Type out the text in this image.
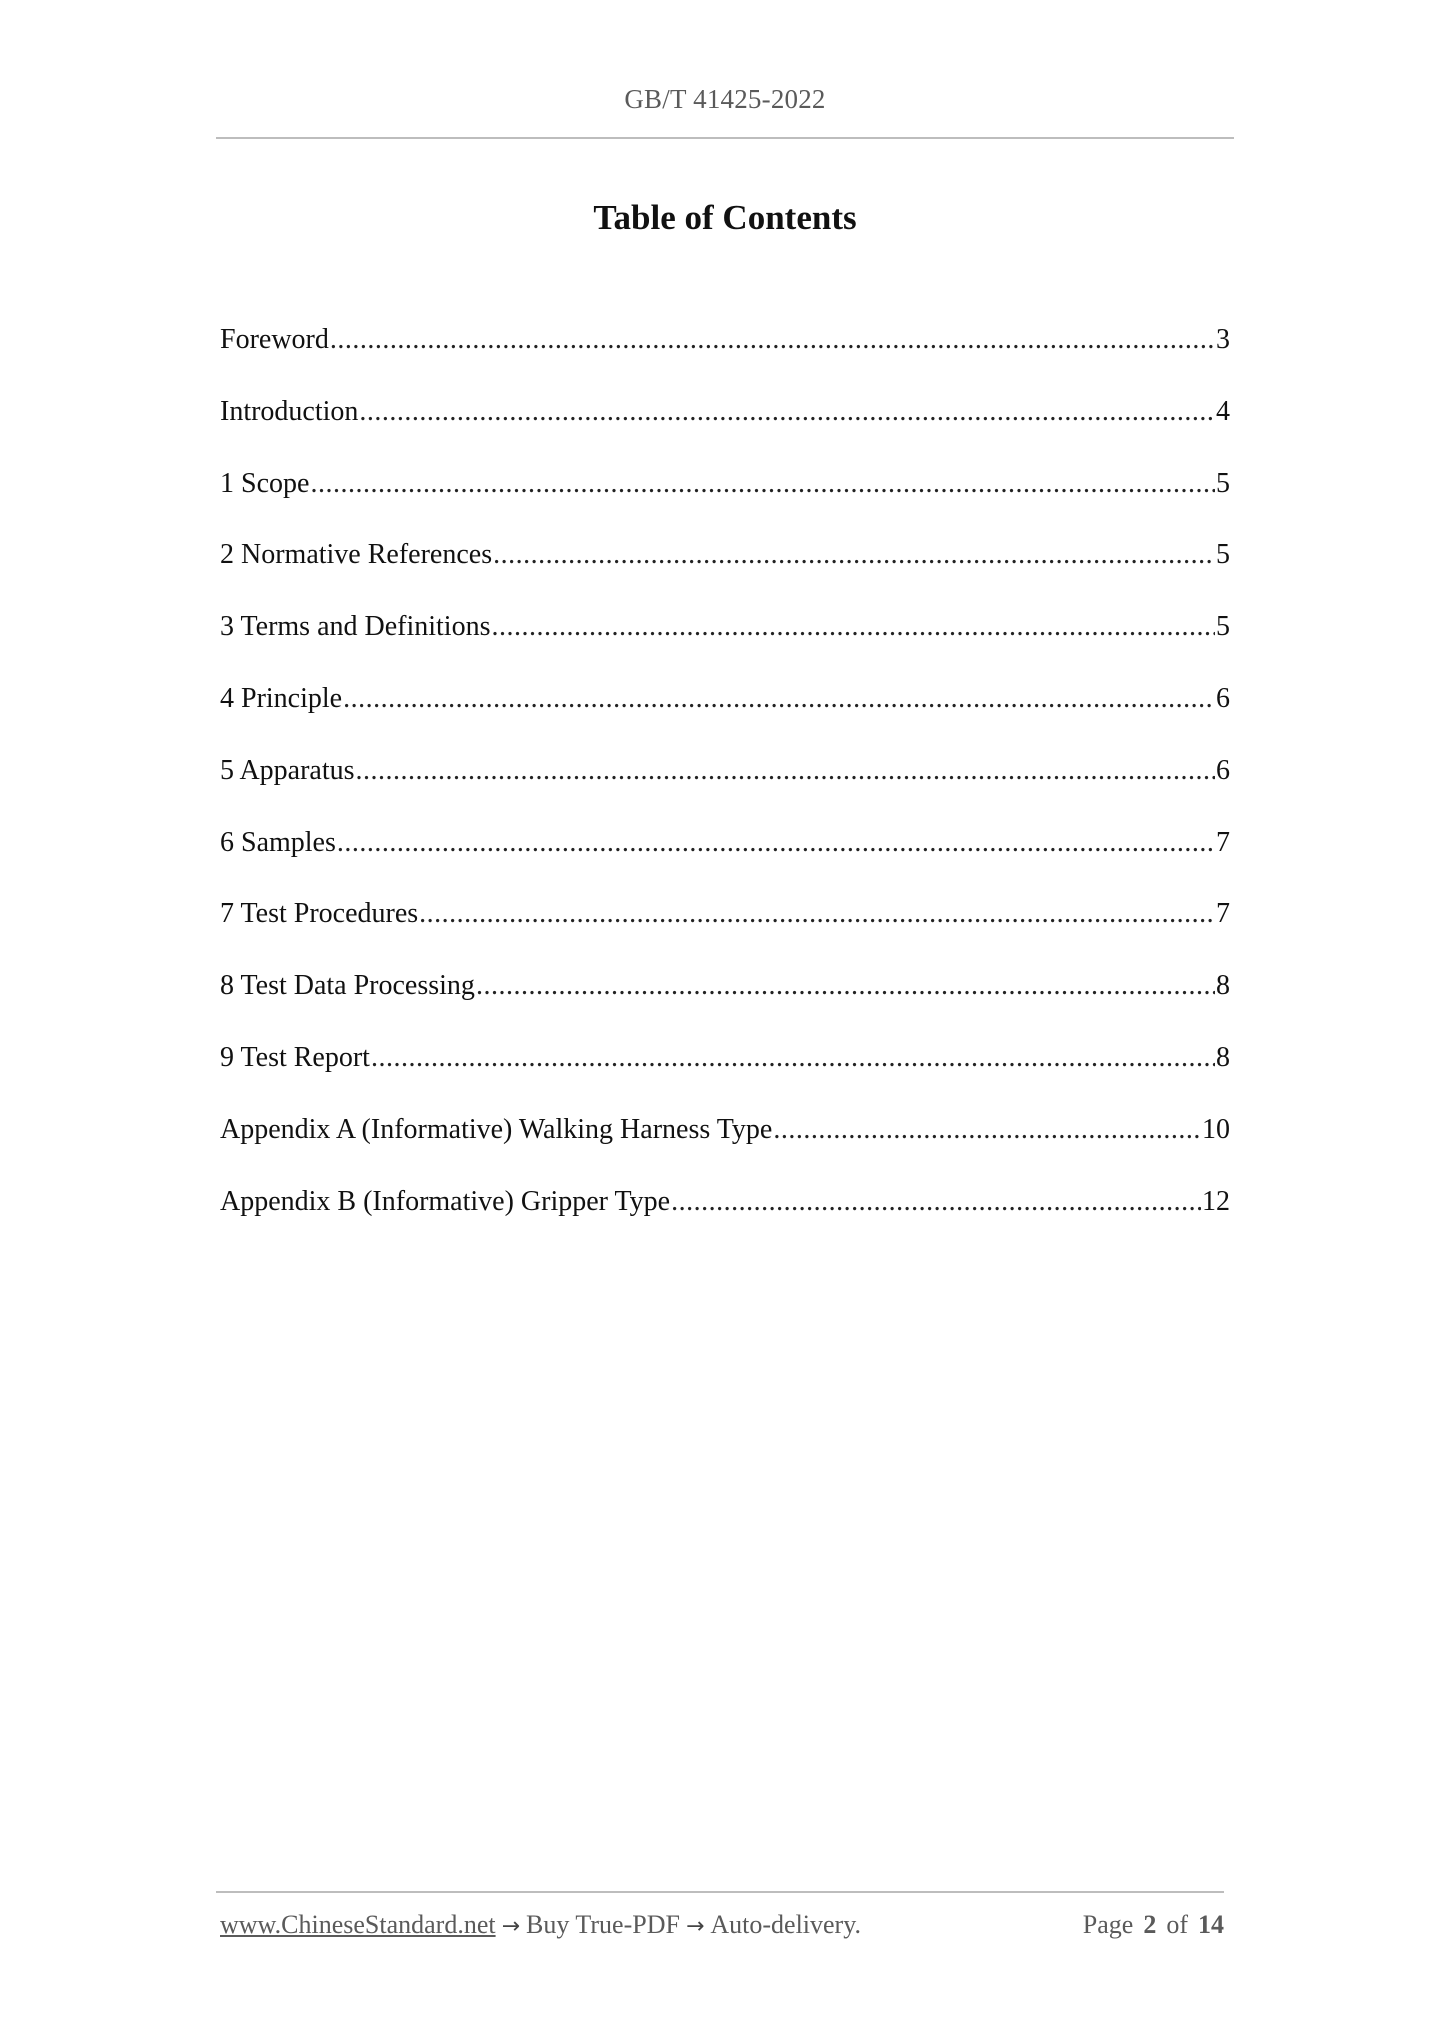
GB/T 41425-2022
Table of Contents
Foreword .....	3
Introduction .....	4
1 Scope .....	5
2 Normative References .....	5
3 Terms and Definitions .....	5
4 Principle .....	6
5 Apparatus .....	6
6 Samples .....	7
7 Test Procedures .....	7
8 Test Data Processing .....	8
9 Test Report .....	8
Appendix A (Informative) Walking Harness Type .....	10
Appendix B (Informative) Gripper Type .....	12
www.ChineseStandard.net → Buy True-PDF → Auto-delivery.	Page 2 of 14
